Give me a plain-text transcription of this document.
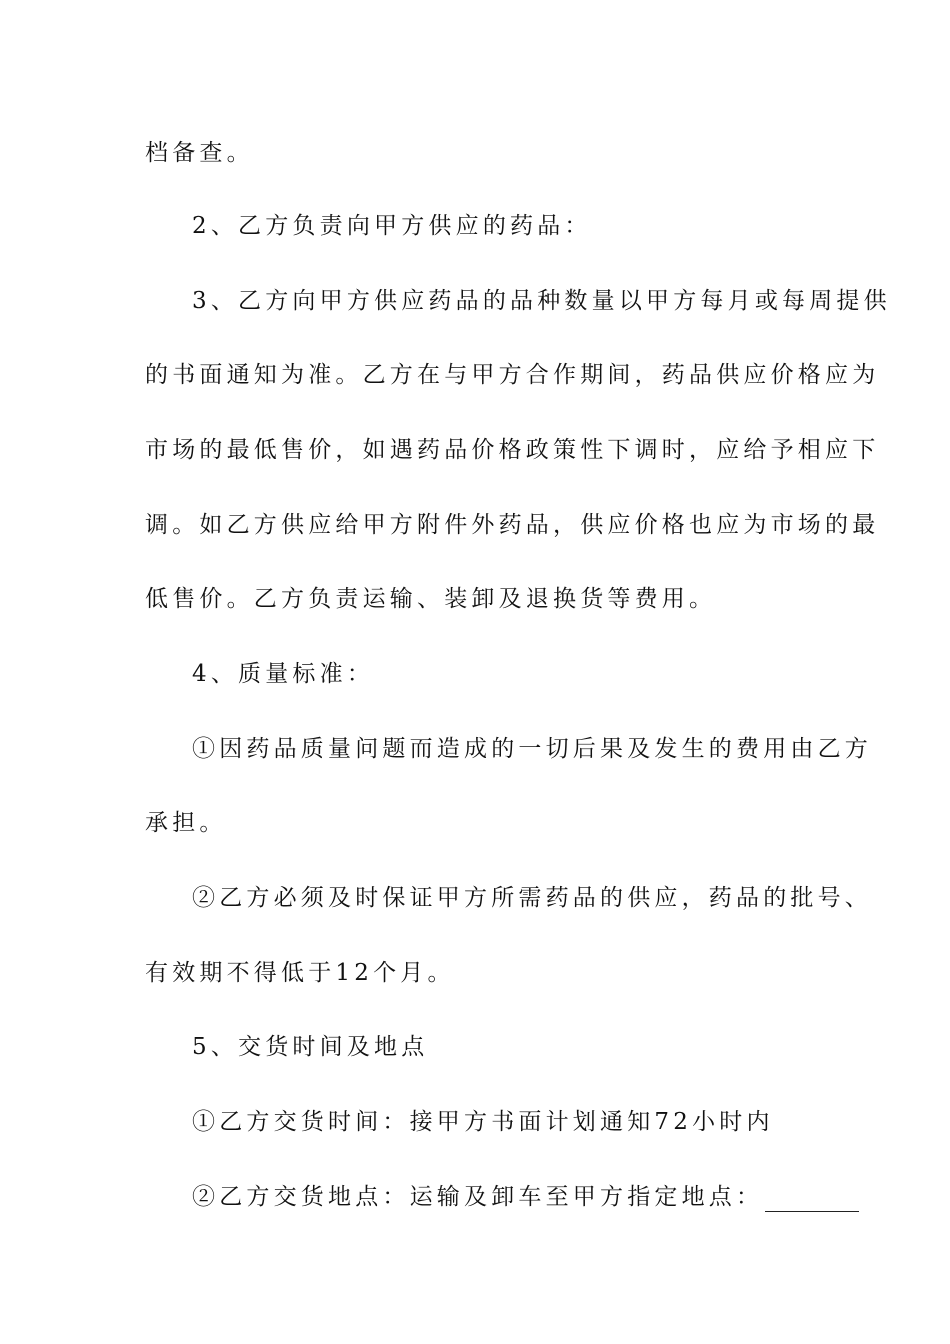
档备查。
2、乙方负责向甲方供应的药品：
3、乙方向甲方供应药品的品种数量以甲方每月或每周提供
的书面通知为准。乙方在与甲方合作期间，药品供应价格应为
市场的最低售价，如遇药品价格政策性下调时，应给予相应下
调。如乙方供应给甲方附件外药品，供应价格也应为市场的最
低售价。乙方负责运输、装卸及退换货等费用。
4、质量标准：
①因药品质量问题而造成的一切后果及发生的费用由乙方
承担。
②乙方必须及时保证甲方所需药品的供应，药品的批号、
有效期不得低于12个月。
5、交货时间及地点
①乙方交货时间：接甲方书面计划通知72小时内
②乙方交货地点：运输及卸车至甲方指定地点：
